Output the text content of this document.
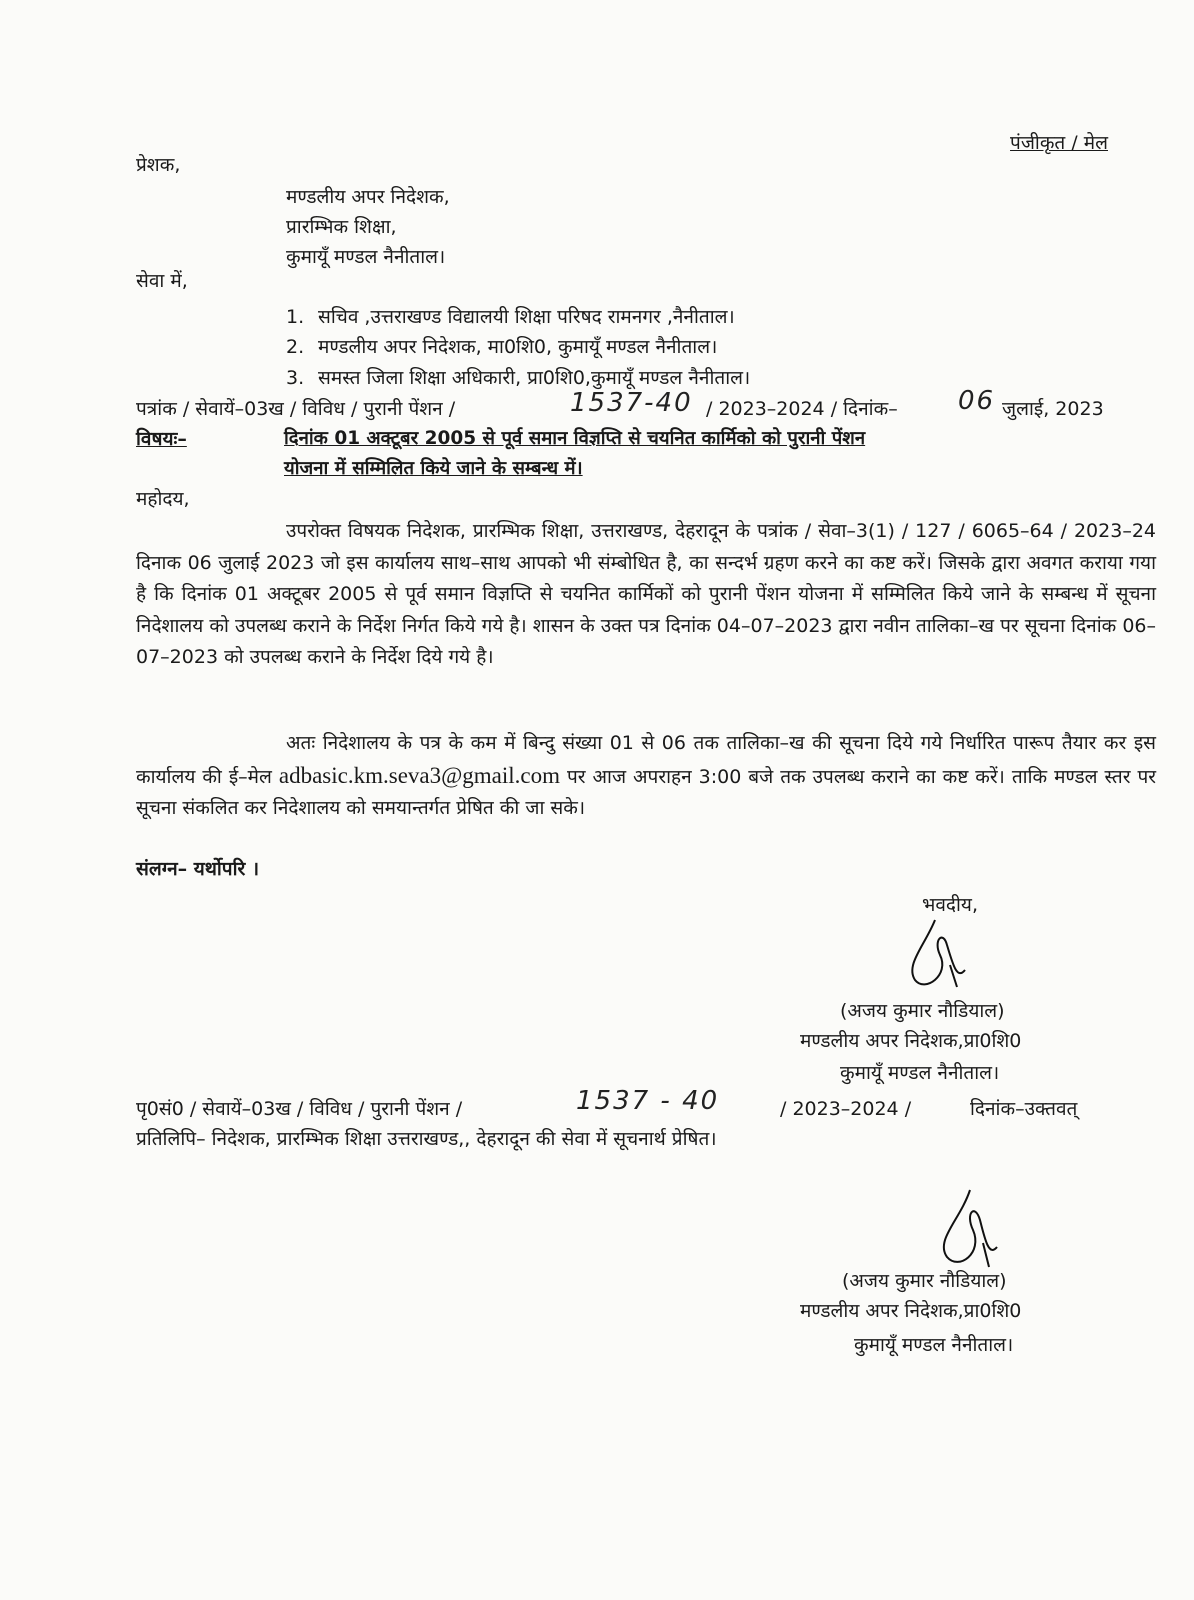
पंजीकृत / मेल
प्रेशक,
मण्डलीय अपर निदेशक,
प्रारम्भिक शिक्षा,
कुमायूँ मण्डल नैनीताल।
सेवा में,
1. सचिव ,उत्तराखण्ड विद्यालयी शिक्षा परिषद रामनगर ,नैनीताल।
2. मण्डलीय अपर निदेशक, मा0शि0, कुमायूँ मण्डल नैनीताल।
3. समस्त जिला शिक्षा अधिकारी, प्रा0शि0,कुमायूँ मण्डल नैनीताल।
पत्रांक / सेवायें–03ख / विविध / पुरानी पेंशन /	1537-40 / 2023–2024 / दिनांक– 06 जुलाई, 2023
विषयः–	दिनांक 01 अक्टूबर 2005 से पूर्व समान विज्ञप्ति से चयनित कार्मिको को पुरानी पेंशन
योजना में सम्मिलित किये जाने के सम्बन्ध में।
महोदय,

उपरोक्त विषयक निदेशक, प्रारम्भिक शिक्षा, उत्तराखण्ड, देहरादून के पत्रांक / सेवा–3(1) / 127 / 6065–64 / 2023–24 दिनाक 06 जुलाई 2023 जो इस कार्यालय साथ–साथ आपको भी संम्बोधित है, का सन्दर्भ ग्रहण करने का कष्ट करें। जिसके द्वारा अवगत कराया गया है कि दिनांक 01 अक्टूबर 2005 से पूर्व समान विज्ञप्ति से चयनित कार्मिकों को पुरानी पेंशन योजना में सम्मिलित किये जाने के सम्बन्ध में सूचना निदेशालय को उपलब्ध कराने के निर्देश निर्गत किये गये है। शासन के उक्त पत्र दिनांक 04–07–2023 द्वारा नवीन तालिका–ख पर सूचना दिनांक 06–07–2023 को उपलब्ध कराने के निर्देश दिये गये है।

अतः निदेशालय के पत्र के कम में बिन्दु संख्या 01 से 06 तक तालिका–ख की सूचना दिये गये निर्धारित पारूप तैयार कर इस कार्यालय की ई–मेल adbasic.km.seva3@gmail.com पर आज अपराहन 3:00 बजे तक उपलब्ध कराने का कष्ट करें। ताकि मण्डल स्तर पर सूचना संकलित कर निदेशालय को समयान्तर्गत प्रेषित की जा सके।

संलग्न– यर्थोपरि ।
भवदीय,
(अजय कुमार नौडियाल)
मण्डलीय अपर निदेशक,प्रा0शि0
कुमायूँ मण्डल नैनीताल।
पृ0सं0 / सेवायें–03ख / विविध / पुरानी पेंशन /	1537 - 40	/ 2023–2024 /	दिनांक–उक्तवत्
प्रतिलिपि– निदेशक, प्रारम्भिक शिक्षा उत्तराखण्ड,, देहरादून की सेवा में सूचनार्थ प्रेषित।
(अजय कुमार नौडियाल)
मण्डलीय अपर निदेशक,प्रा0शि0
कुमायूँ मण्डल नैनीताल।
